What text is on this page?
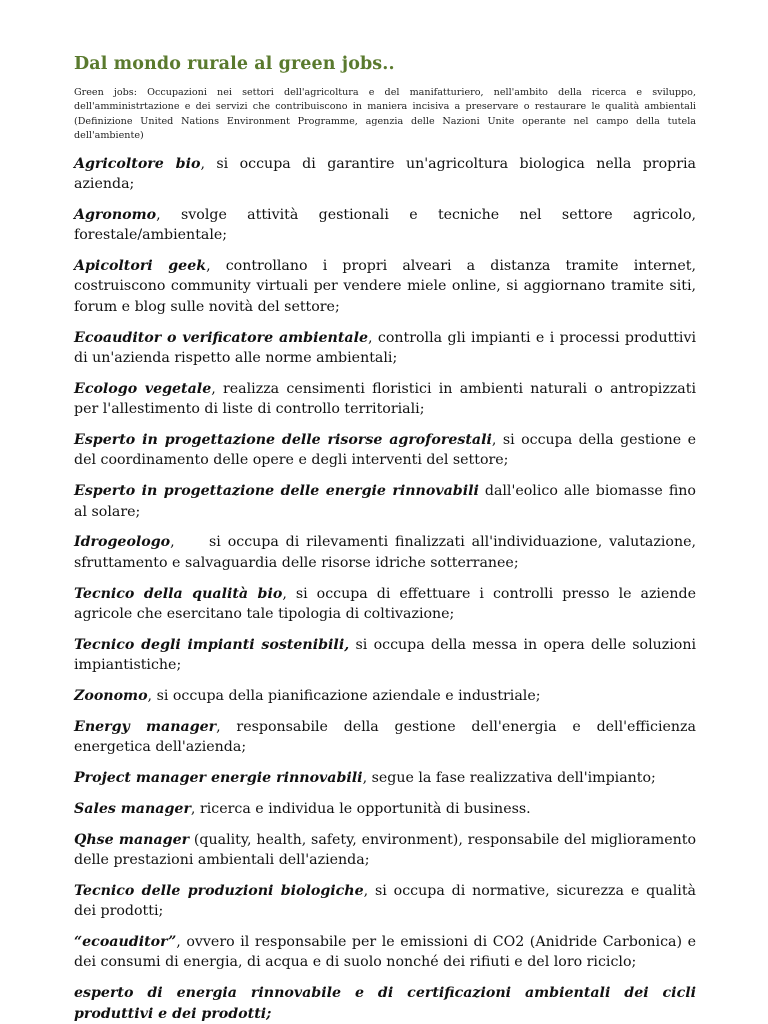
Dal mondo rurale al green jobs..
Green jobs: Occupazioni nei settori dell'agricoltura e del manifatturiero, nell'ambito della ricerca e sviluppo, dell'amministrtazione e dei servizi che contribuiscono in maniera incisiva a preservare o restaurare le qualità ambientali (Definizione United Nations Environment Programme, agenzia delle Nazioni Unite operante nel campo della tutela dell'ambiente)

Agricoltore bio, si occupa di garantire un'agricoltura biologica nella propria azienda;

Agronomo, svolge attività gestionali e tecniche nel settore agricolo, forestale/ambientale;

Apicoltori geek, controllano i propri alveari a distanza tramite internet, costruiscono community virtuali per vendere miele online, si aggiornano tramite siti, forum e blog sulle novità del settore;

Ecoauditor o verificatore ambientale, controlla gli impianti e i processi produttivi di un'azienda rispetto alle norme ambientali;

Ecologo vegetale, realizza censimenti floristici in ambienti naturali o antropizzati per l'allestimento di liste di controllo territoriali;

Esperto in progettazione delle risorse agroforestali, si occupa della gestione e del coordinamento delle opere e degli interventi del settore;

Esperto in progettazione delle energie rinnovabili dall'eolico alle biomasse fino al solare;

Idrogeologo,     si occupa di rilevamenti finalizzati all'individuazione, valutazione, sfruttamento e salvaguardia delle risorse idriche sotterranee;

Tecnico della qualità bio, si occupa di effettuare i controlli presso le aziende agricole che esercitano tale tipologia di coltivazione;

Tecnico degli impianti sostenibili, si occupa della messa in opera delle soluzioni impiantistiche;

Zoonomo, si occupa della pianificazione aziendale e industriale;

Energy manager, responsabile della gestione dell'energia e dell'efficienza energetica dell'azienda;

Project manager energie rinnovabili, segue la fase realizzativa dell'impianto;

Sales manager, ricerca e individua le opportunità di business.

Qhse manager (quality, health, safety, environment), responsabile del miglioramento delle prestazioni ambientali dell'azienda;

Tecnico delle produzioni biologiche, si occupa di normative, sicurezza e qualità dei prodotti;

“ecoauditor”, ovvero il responsabile per le emissioni di CO2 (Anidride Carbonica) e dei consumi di energia, di acqua e di suolo nonché dei rifiuti e del loro riciclo;

esperto di energia rinnovabile e di certificazioni ambientali dei cicli produttivi e dei prodotti;
